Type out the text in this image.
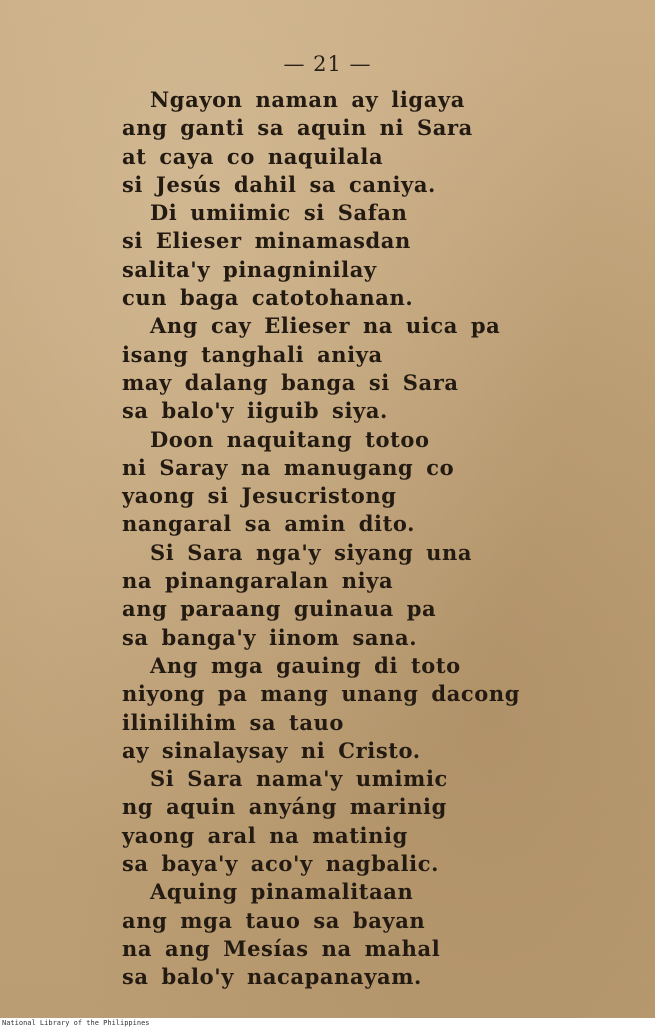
— 21 —
Ngayon naman ay ligaya
ang ganti sa aquin ni Sara
at caya co naquilala
si Jesús dahil sa caniya.
Di umiimic si Safan
si Elieser minamasdan
salita'y pinagninilay
cun baga catotohanan.
Ang cay Elieser na uica pa
isang tanghali aniya
may dalang banga si Sara
sa balo'y iiguib siya.
Doon naquitang totoo
ni Saray na manugang co
yaong si Jesucristong
nangaral sa amin dito.
Si Sara nga'y siyang una
na pinangaralan niya
ang paraang guinaua pa
sa banga'y iinom sana.
Ang mga gauing di toto
niyong pa mang unang dacong
ilinilihim sa tauo
ay sinalaysay ni Cristo.
Si Sara nama'y umimic
ng aquin anyáng marinig
yaong aral na matinig
sa baya'y aco'y nagbalic.
Aquing pinamalitaan
ang mga tauo sa bayan
na ang Mesías na mahal
sa balo'y nacapanayam.
National Library of the Philippines
